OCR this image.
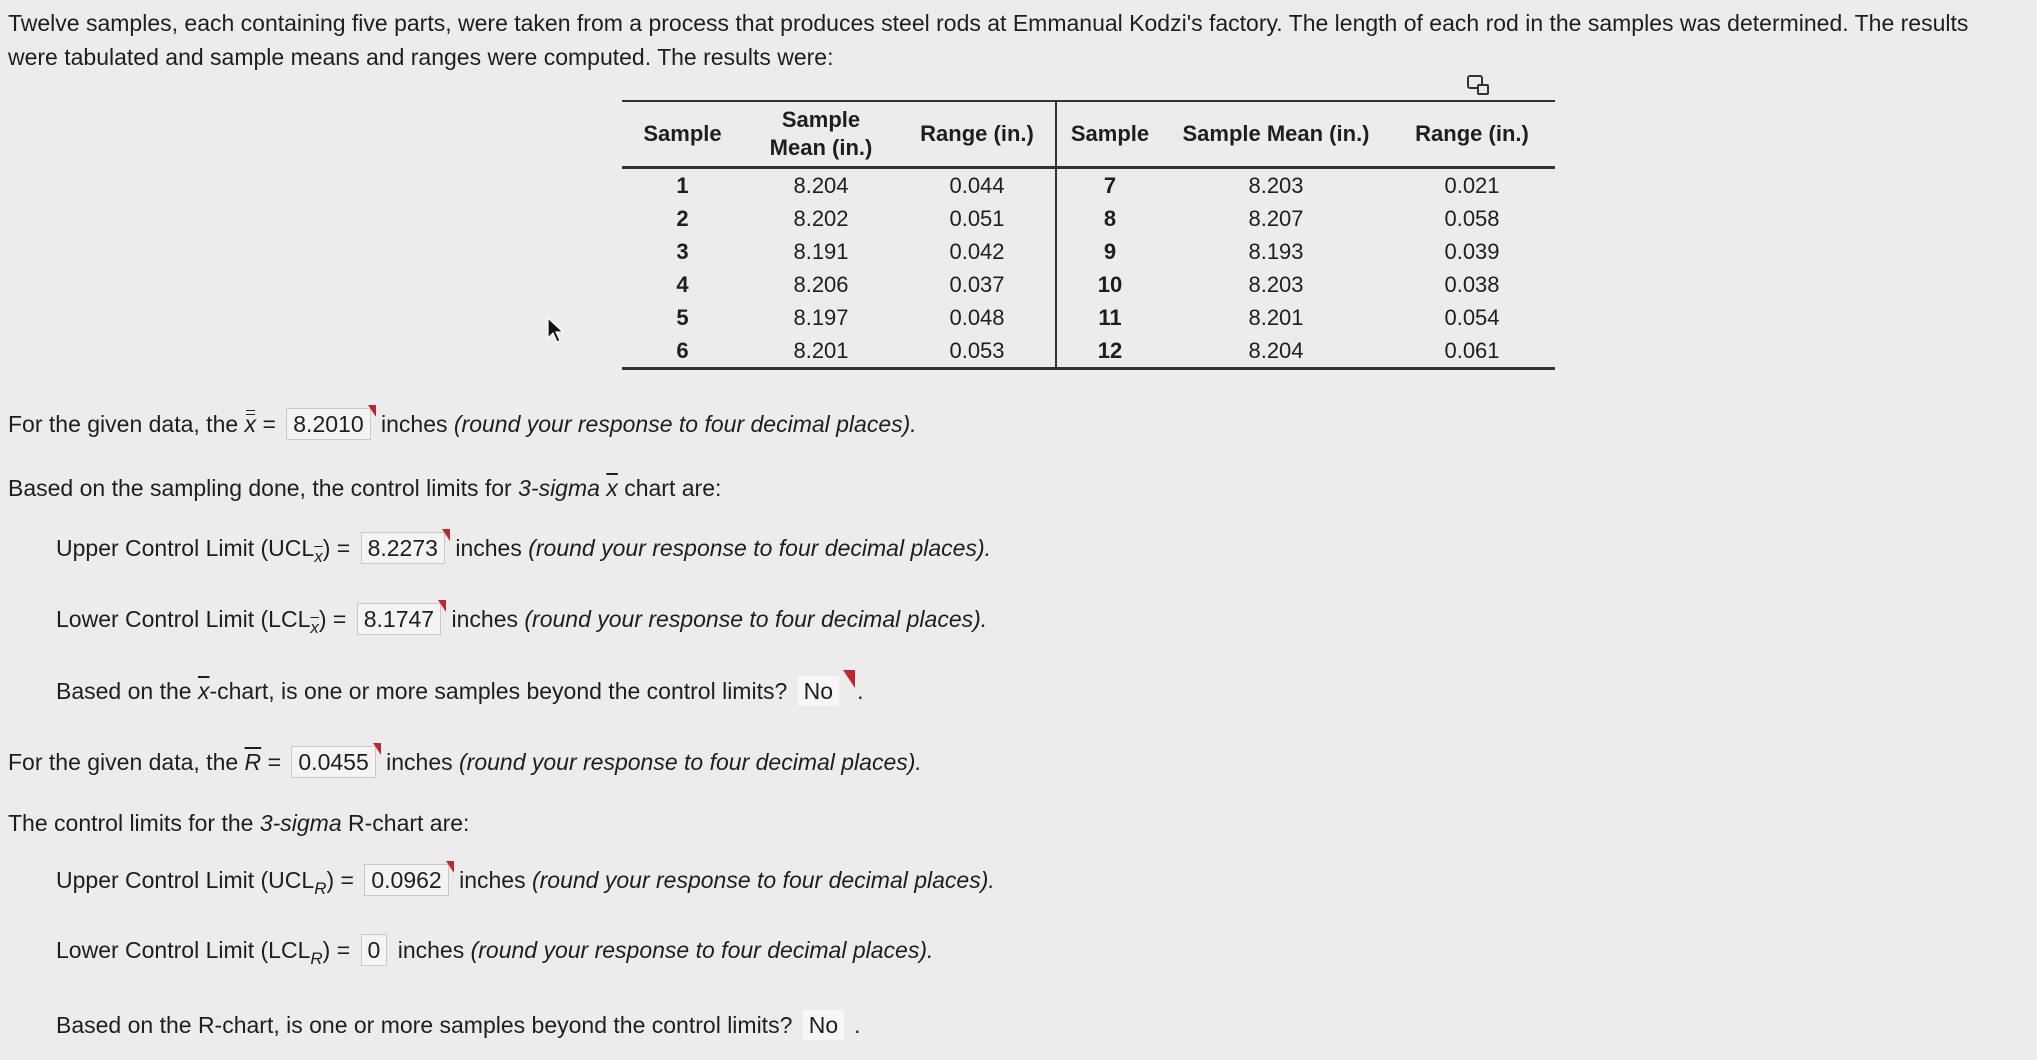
Twelve samples, each containing five parts, were taken from a process that produces steel rods at Emmanual Kodzi's factory. The length of each rod in the samples was determined. The results were tabulated and sample means and ranges were computed. The results were:

Sample	Sample Mean (in.)	Range (in.)	Sample	Sample Mean (in.)	Range (in.)
1	8.204	0.044	7	8.203	0.021
2	8.202	0.051	8	8.207	0.058
3	8.191	0.042	9	8.193	0.039
4	8.206	0.037	10	8.203	0.038
5	8.197	0.048	11	8.201	0.054
6	8.201	0.053	12	8.204	0.061
For the given data, the x = 8.2010 inches (round your response to four decimal places).
Based on the sampling done, the control limits for 3-sigma $\overline{x}$ chart are:
Upper Control Limit $(UCL_{\overline{x}}) = 8.2273$ inches (round your response to four decimal places).
Lower Control Limit $(LCL_{\overline{x}}) = 8.1747$ inches (round your response to four decimal places).
Based on the $\overline{x}$-chart, is one or more samples beyond the control limits? No .
For the given data, the $\overline{R} = 0.0455$ inches (round your response to four decimal places).
The control limits for the 3-sigma R-chart are:
Upper Control Limit $(UCL_R) = 0.0962$ inches (round your response to four decimal places).
Lower Control Limit $(LCL_R) = 0$ inches (round your response to four decimal places).
Based on the R-chart, is one or more samples beyond the control limits? No .
